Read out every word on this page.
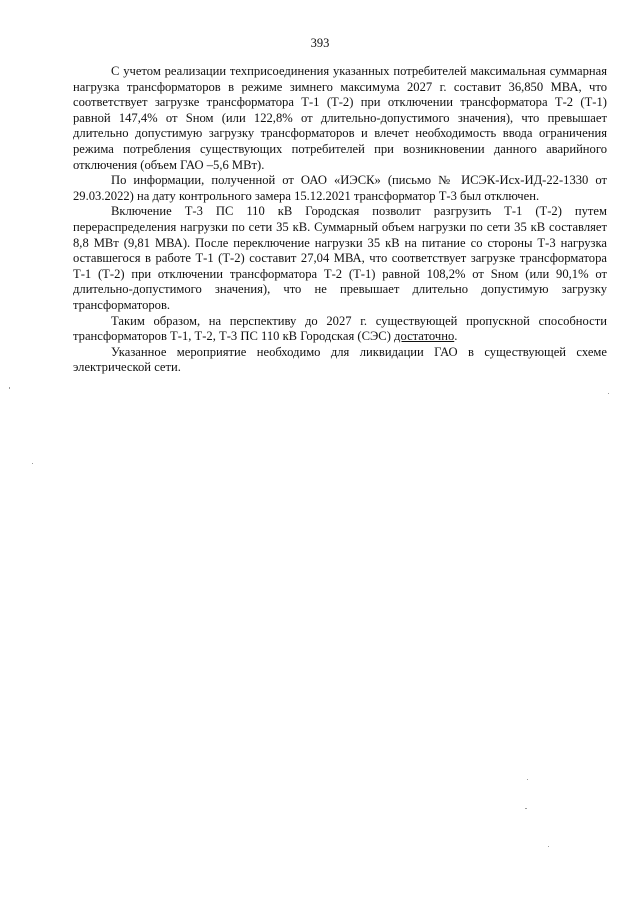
393

С учетом реализации техприсоединения указанных потребителей максимальная суммарная нагрузка трансформаторов в режиме зимнего максимума 2027 г. составит 36,850 МВА, что соответствует загрузке трансформатора Т-1 (Т-2) при отключении трансформатора Т-2 (Т-1) равной 147,4% от Sном (или 122,8% от длительно-допустимого значения), что превышает длительно допустимую загрузку трансформаторов и влечет необходимость ввода ограничения режима потребления существующих потребителей при возникновении данного аварийного отключения (объем ГАО –5,6 МВт).

По информации, полученной от ОАО «ИЭСК» (письмо № ИСЭК-Исх-ИД-22-1330 от 29.03.2022) на дату контрольного замера 15.12.2021 трансформатор Т-3 был отключен.

Включение Т-3 ПС 110 кВ Городская позволит разгрузить Т-1 (Т-2) путем перераспределения нагрузки по сети 35 кВ. Суммарный объем нагрузки по сети 35 кВ составляет 8,8 МВт (9,81 МВА). После переключение нагрузки 35 кВ на питание со стороны Т-3 нагрузка оставшегося в работе Т-1 (Т-2) составит 27,04 МВА, что соответствует загрузке трансформатора Т-1 (Т-2) при отключении трансформатора Т-2 (Т-1) равной 108,2% от Sном (или 90,1% от длительно-допустимого значения), что не превышает длительно допустимую загрузку трансформаторов.

Таким образом, на перспективу до 2027 г. существующей пропускной способности трансформаторов Т-1, Т-2, Т-3 ПС 110 кВ Городская (СЭС) достаточно.

Указанное мероприятие необходимо для ликвидации ГАО в существующей схеме электрической сети.
